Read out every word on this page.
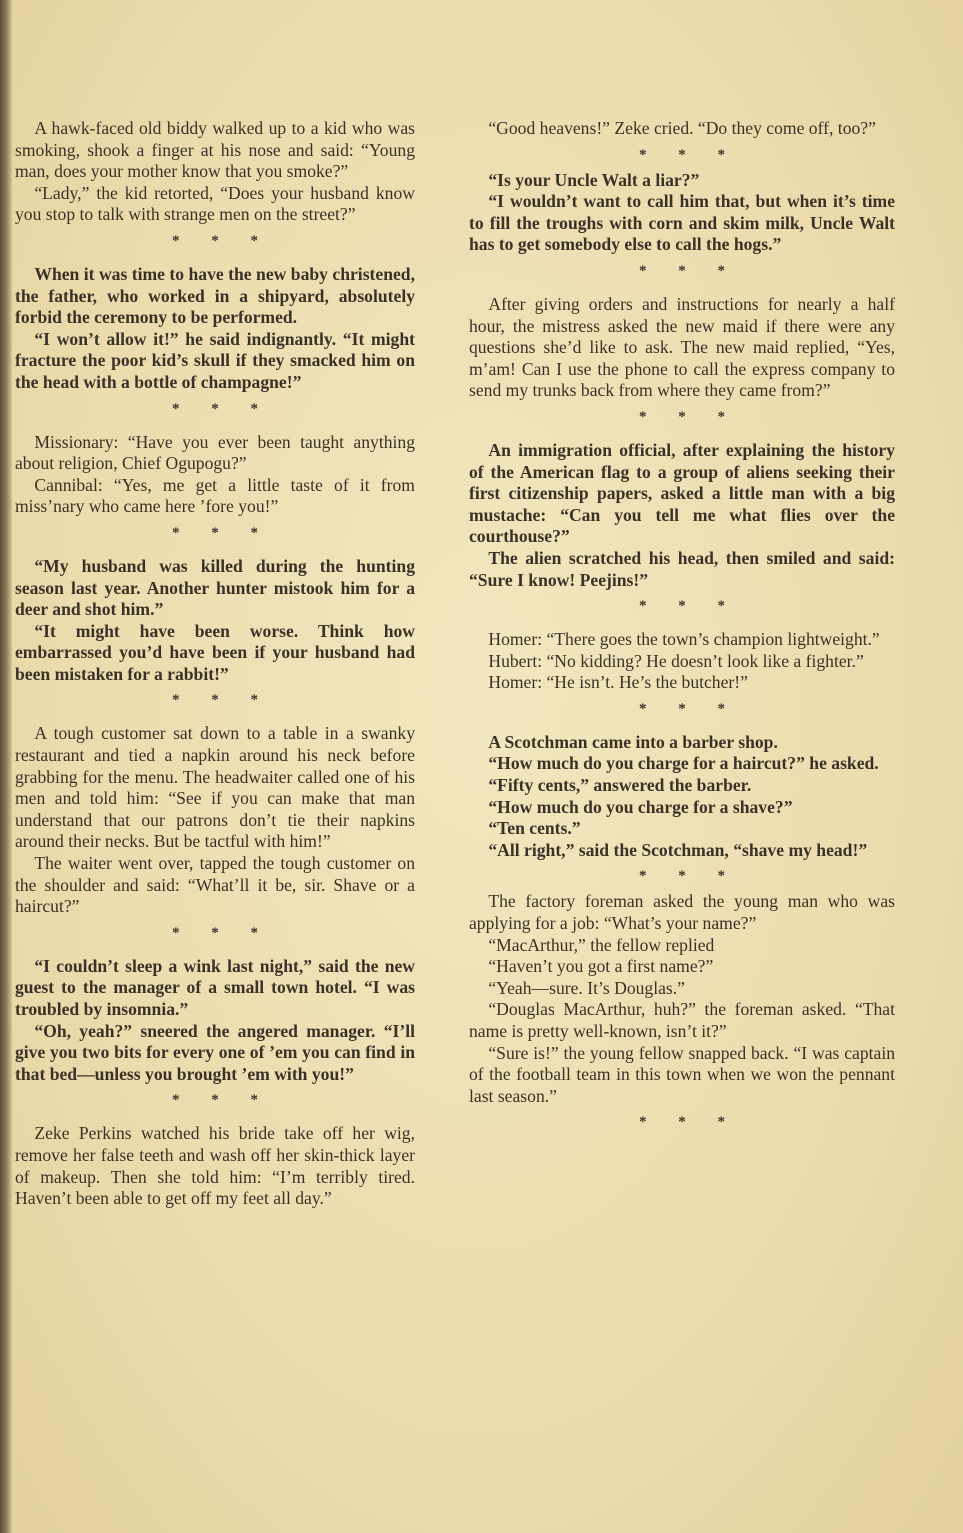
A hawk-faced old biddy walked up to a kid who was smoking, shook a finger at his nose and said: “Young man, does your mother know that you smoke?”

“Lady,” the kid retorted, “Does your husband know you stop to talk with strange men on the street?”

* * *

When it was time to have the new baby christened, the father, who worked in a shipyard, absolutely forbid the ceremony to be performed.

“I won’t allow it!” he said indignantly. “It might fracture the poor kid’s skull if they smacked him on the head with a bottle of champagne!”

* * *

Missionary: “Have you ever been taught anything about religion, Chief Ogupogu?”

Cannibal: “Yes, me get a little taste of it from miss’nary who came here ’fore you!”

* * *

“My husband was killed during the hunting season last year. Another hunter mistook him for a deer and shot him.”

“It might have been worse. Think how embarrassed you’d have been if your husband had been mistaken for a rabbit!”

* * *

A tough customer sat down to a table in a swanky restaurant and tied a napkin around his neck before grabbing for the menu. The headwaiter called one of his men and told him: “See if you can make that man understand that our patrons don’t tie their napkins around their necks. But be tactful with him!”

The waiter went over, tapped the tough customer on the shoulder and said: “What’ll it be, sir. Shave or a haircut?”

* * *

“I couldn’t sleep a wink last night,” said the new guest to the manager of a small town hotel. “I was troubled by insomnia.”

“Oh, yeah?” sneered the angered manager. “I’ll give you two bits for every one of ’em you can find in that bed—unless you brought ’em with you!”

* * *

Zeke Perkins watched his bride take off her wig, remove her false teeth and wash off her skin-thick layer of makeup. Then she told him: “I’m terribly tired. Haven’t been able to get off my feet all day.”

“Good heavens!” Zeke cried. “Do they come off, too?”

* * *

“Is your Uncle Walt a liar?”

“I wouldn’t want to call him that, but when it’s time to fill the troughs with corn and skim milk, Uncle Walt has to get somebody else to call the hogs.”

* * *

After giving orders and instructions for nearly a half hour, the mistress asked the new maid if there were any questions she’d like to ask. The new maid replied, “Yes, m’am! Can I use the phone to call the express company to send my trunks back from where they came from?”

* * *

An immigration official, after explaining the history of the American flag to a group of aliens seeking their first citizenship papers, asked a little man with a big mustache: “Can you tell me what flies over the courthouse?”

The alien scratched his head, then smiled and said: “Sure I know! Peejins!”

* * *

Homer: “There goes the town’s champion lightweight.”

Hubert: “No kidding? He doesn’t look like a fighter.”

Homer: “He isn’t. He’s the butcher!”

* * *

A Scotchman came into a barber shop.

“How much do you charge for a haircut?” he asked.

“Fifty cents,” answered the barber.

“How much do you charge for a shave?”

“Ten cents.”

“All right,” said the Scotchman, “shave my head!”

* * *

The factory foreman asked the young man who was applying for a job: “What’s your name?”

“MacArthur,” the fellow replied

“Haven’t you got a first name?”

“Yeah—sure. It’s Douglas.”

“Douglas MacArthur, huh?” the foreman asked. “That name is pretty well-known, isn’t it?”

“Sure is!” the young fellow snapped back. “I was captain of the football team in this town when we won the pennant last season.”

* * *
